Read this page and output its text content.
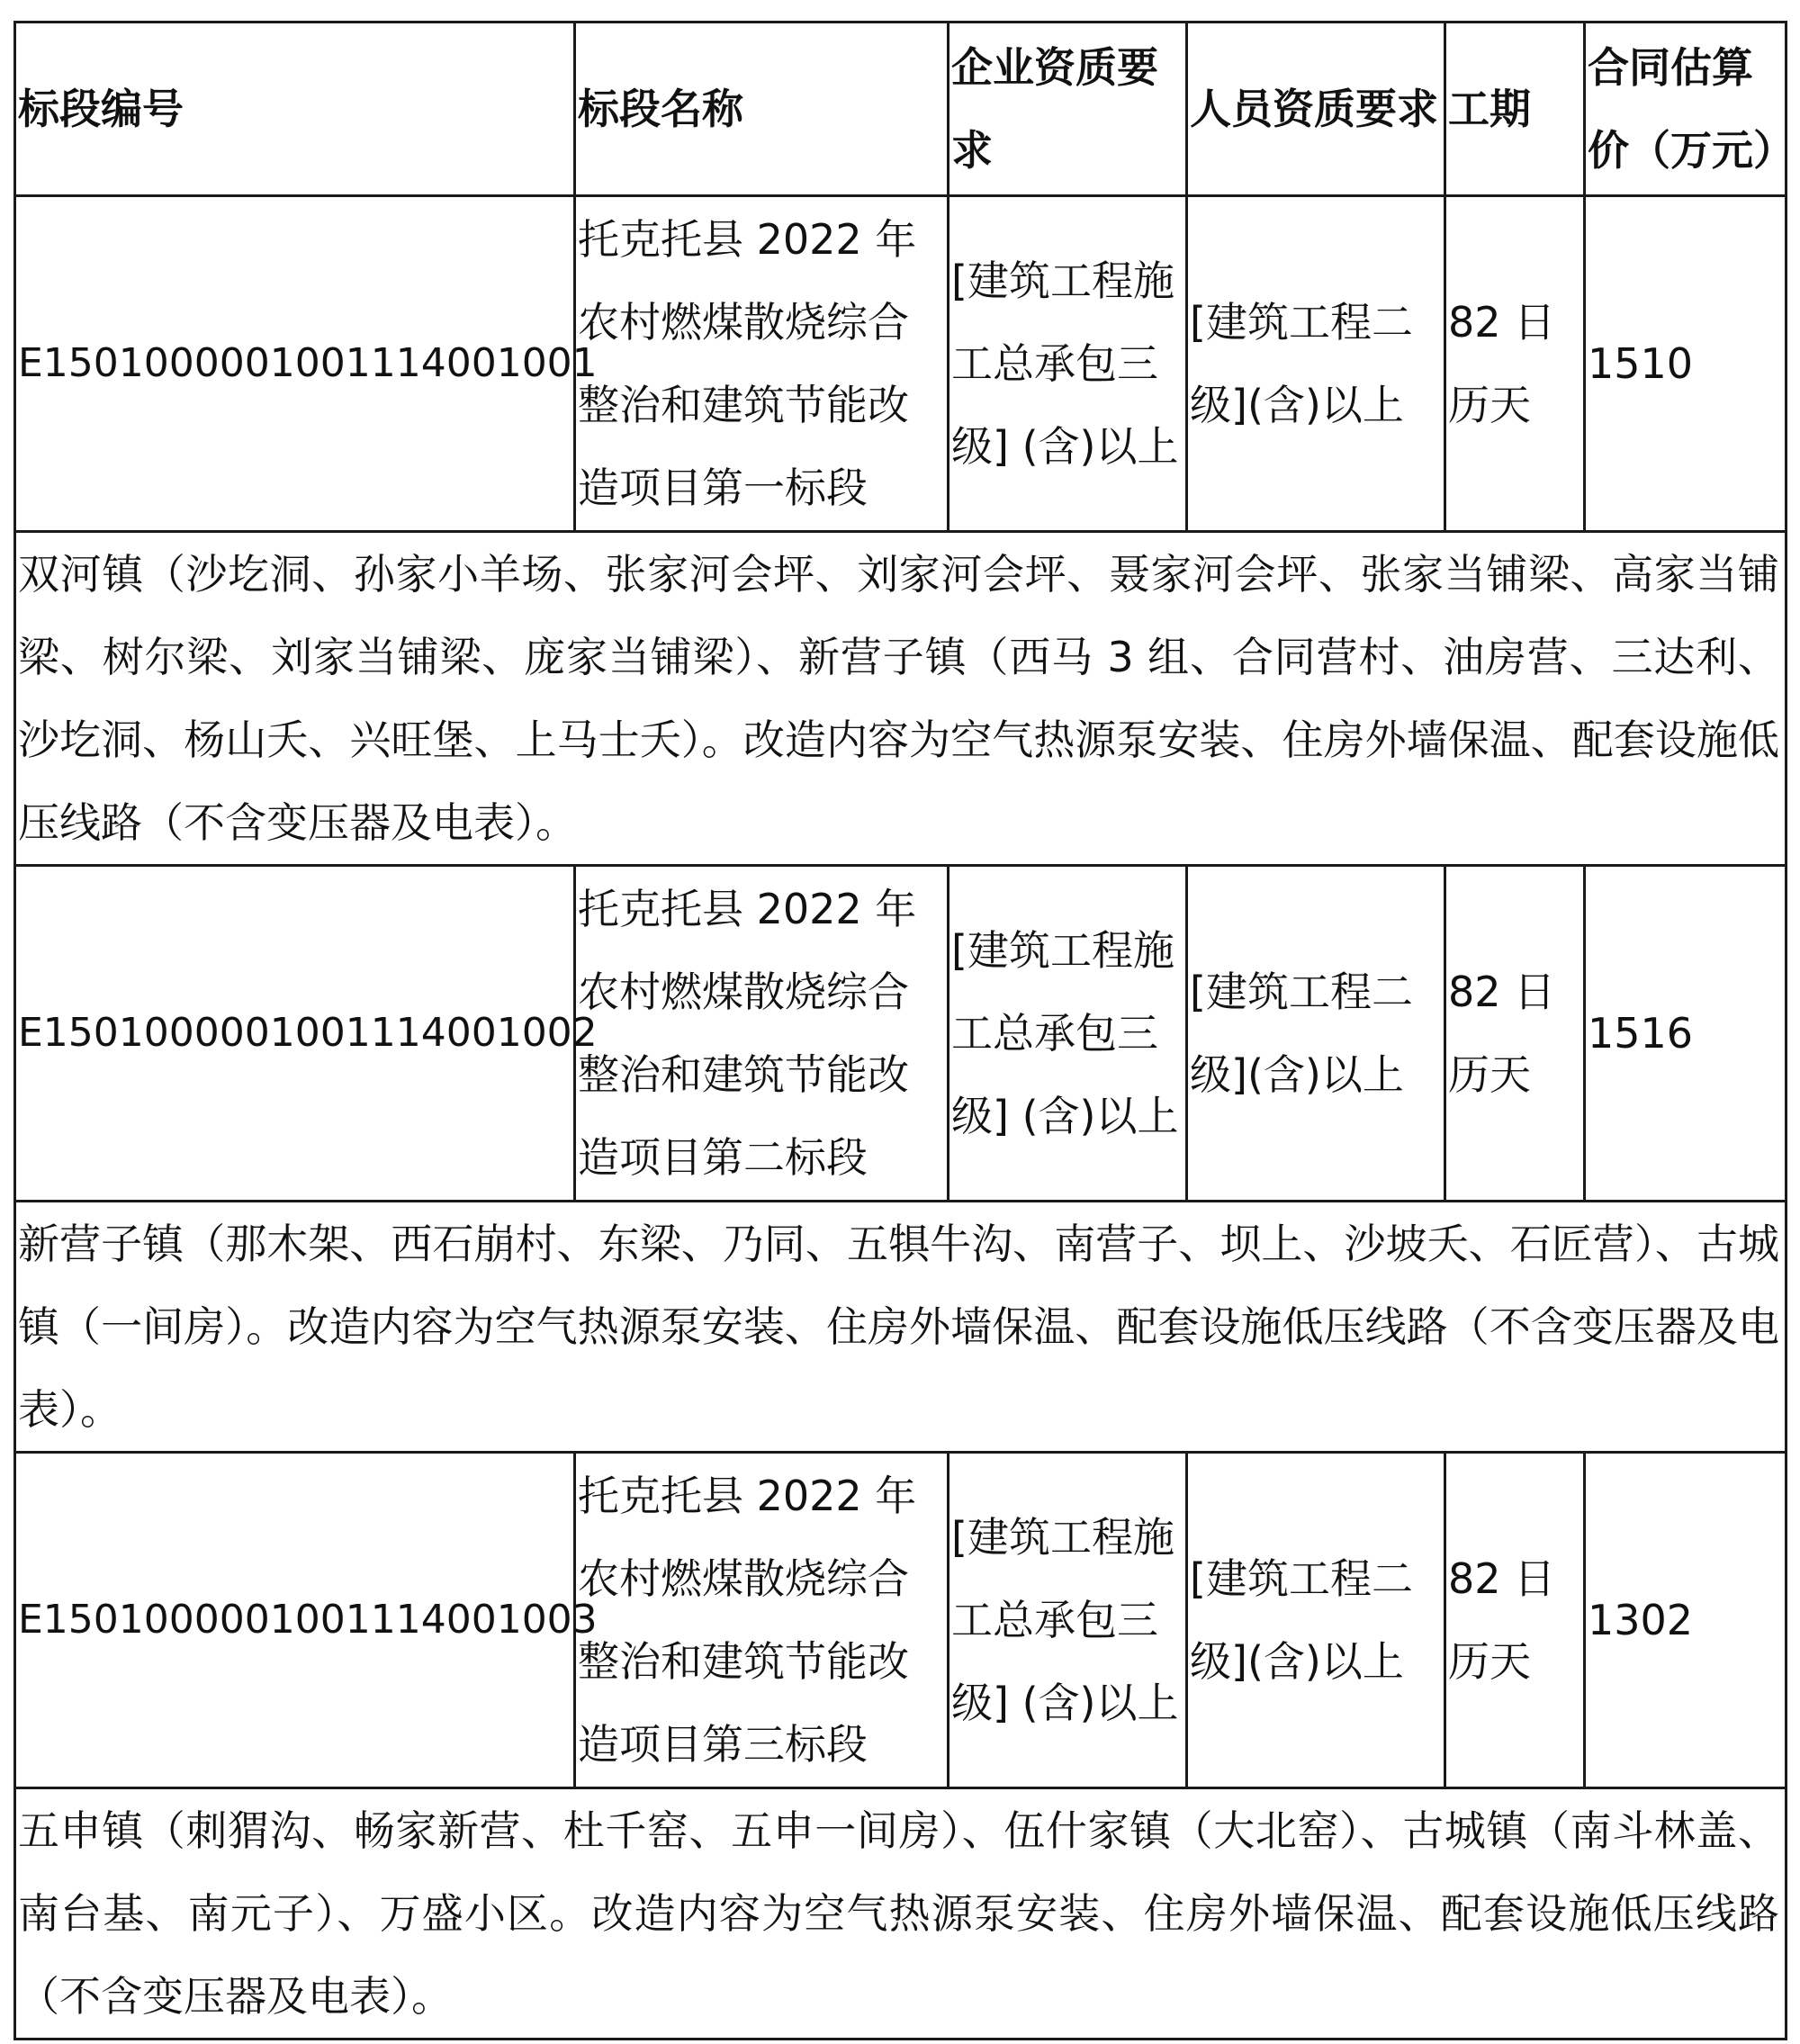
标段编号	标段名称	企业资质要求	人员资质要求	工期	合同估算价（万元）
E1501000001001114001001	托克托县 2022 年农村燃煤散烧综合整治和建筑节能改造项目第一标段	[建筑工程施工总承包三级] (含)以上	[建筑工程二级](含)以上	82 日历天	1510

双河镇（沙圪洞、孙家小羊场、张家河会坪、刘家河会坪、聂家河会坪、张家当铺梁、高家当铺梁、树尔梁、刘家当铺梁、庞家当铺梁）、新营子镇（西马 3 组、合同营村、油房营、三达利、沙圪洞、杨山夭、兴旺堡、上马士夭）。改造内容为空气热源泵安装、住房外墙保温、配套设施低压线路（不含变压器及电表）。					

E1501000001001114001002	托克托县 2022 年农村燃煤散烧综合整治和建筑节能改造项目第二标段	[建筑工程施工总承包三级] (含)以上	[建筑工程二级](含)以上	82 日历天	1516

新营子镇（那木架、西石崩村、东梁、乃同、五犋牛沟、南营子、坝上、沙坡夭、石匠营）、古城镇（一间房）。改造内容为空气热源泵安装、住房外墙保温、配套设施低压线路（不含变压器及电表）。					

E1501000001001114001003	托克托县 2022 年农村燃煤散烧综合整治和建筑节能改造项目第三标段	[建筑工程施工总承包三级] (含)以上	[建筑工程二级](含)以上	82 日历天	1302

五申镇（刺猬沟、畅家新营、杜千窑、五申一间房）、伍什家镇（大北窑）、古城镇（南斗林盖、南台基、南元子）、万盛小区。改造内容为空气热源泵安装、住房外墙保温、配套设施低压线路（不含变压器及电表）。					
